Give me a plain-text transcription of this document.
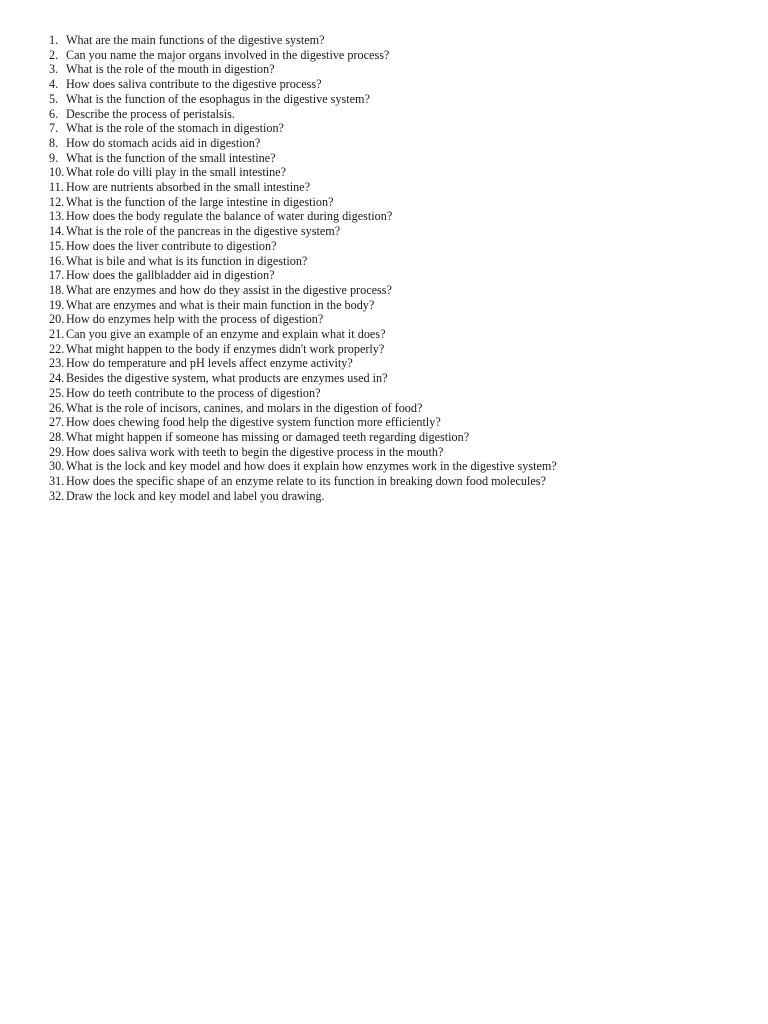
1. What are the main functions of the digestive system?
2. Can you name the major organs involved in the digestive process?
3. What is the role of the mouth in digestion?
4. How does saliva contribute to the digestive process?
5. What is the function of the esophagus in the digestive system?
6. Describe the process of peristalsis.
7. What is the role of the stomach in digestion?
8. How do stomach acids aid in digestion?
9. What is the function of the small intestine?
10. What role do villi play in the small intestine?
11. How are nutrients absorbed in the small intestine?
12. What is the function of the large intestine in digestion?
13. How does the body regulate the balance of water during digestion?
14. What is the role of the pancreas in the digestive system?
15. How does the liver contribute to digestion?
16. What is bile and what is its function in digestion?
17. How does the gallbladder aid in digestion?
18. What are enzymes and how do they assist in the digestive process?
19. What are enzymes and what is their main function in the body?
20. How do enzymes help with the process of digestion?
21. Can you give an example of an enzyme and explain what it does?
22. What might happen to the body if enzymes didn't work properly?
23. How do temperature and pH levels affect enzyme activity?
24. Besides the digestive system, what products are enzymes used in?
25. How do teeth contribute to the process of digestion?
26. What is the role of incisors, canines, and molars in the digestion of food?
27. How does chewing food help the digestive system function more efficiently?
28. What might happen if someone has missing or damaged teeth regarding digestion?
29. How does saliva work with teeth to begin the digestive process in the mouth?
30. What is the lock and key model and how does it explain how enzymes work in the digestive system?
31. How does the specific shape of an enzyme relate to its function in breaking down food molecules?
32. Draw the lock and key model and label you drawing.
